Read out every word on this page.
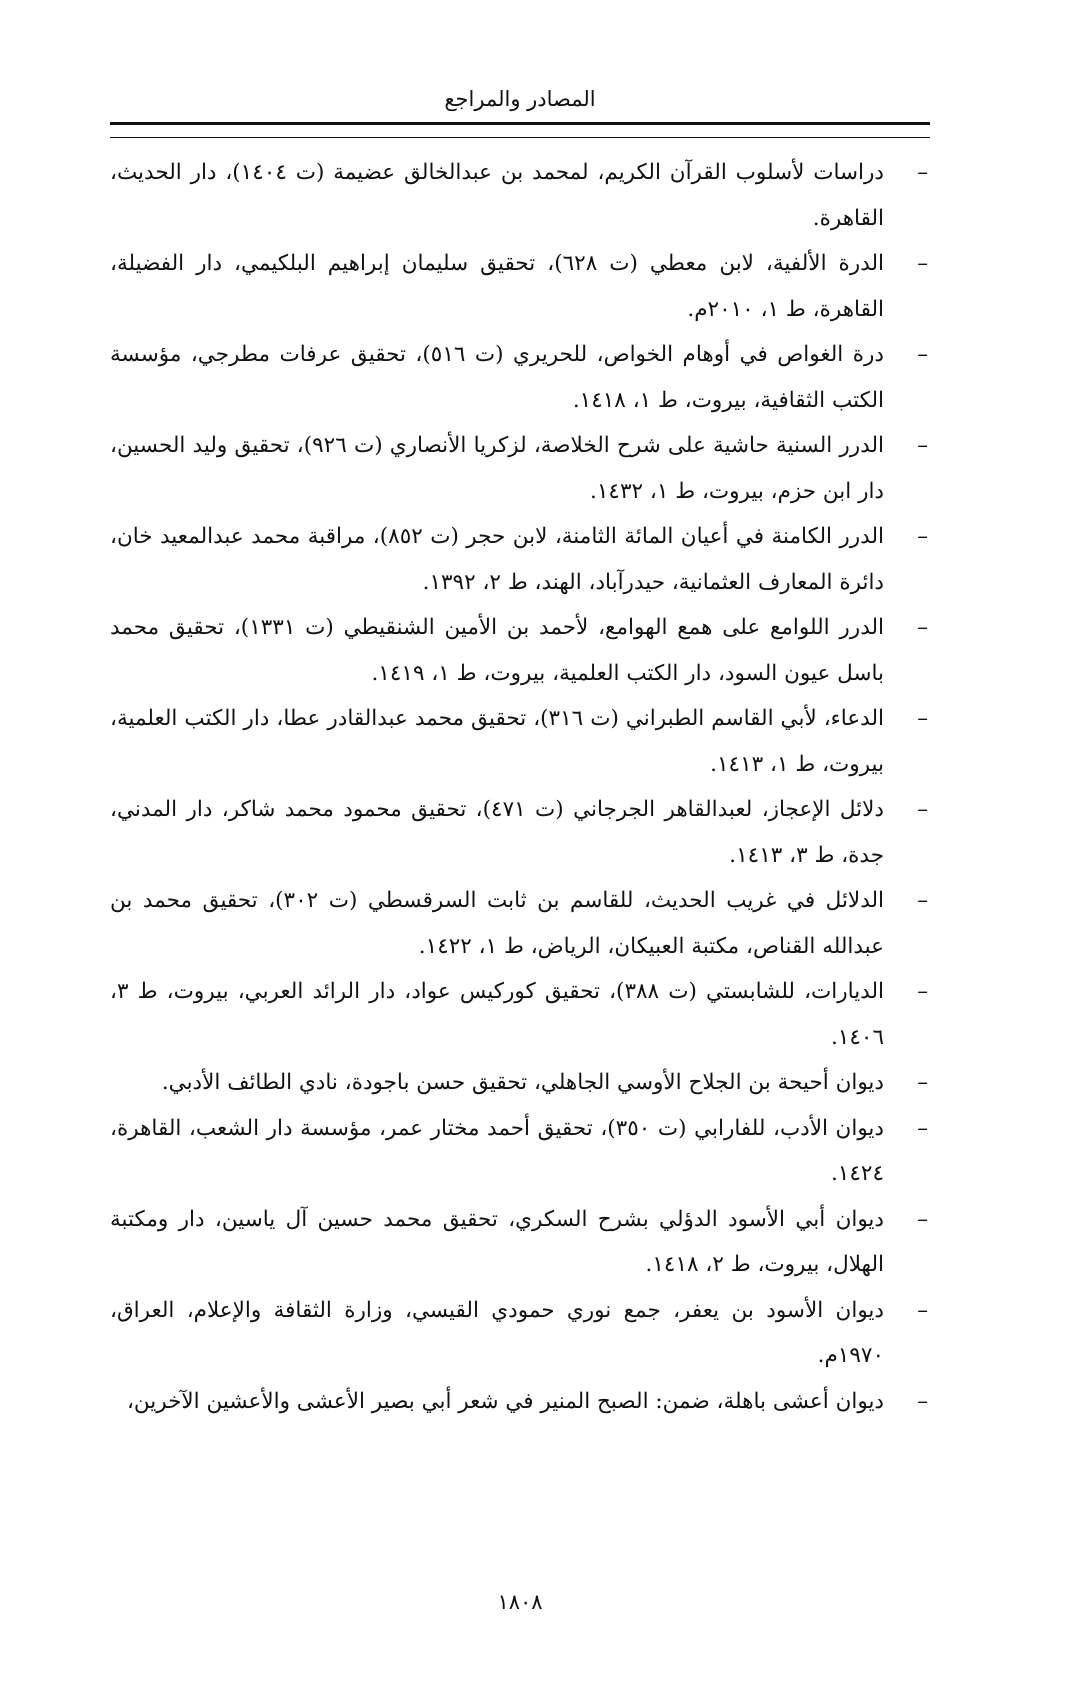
المصادر والمراجع
–
دراسات لأسلوب القرآن الكريم، لمحمد بن عبدالخالق عضيمة (ت ١٤٠٤)، دار الحديث، القاهرة.
–
الدرة الألفية، لابن معطي (ت ٦٢٨)، تحقيق سليمان إبراهيم البلكيمي، دار الفضيلة، القاهرة، ط ١، ٢٠١٠م.
–
درة الغواص في أوهام الخواص، للحريري (ت ٥١٦)، تحقيق عرفات مطرجي، مؤسسة الكتب الثقافية، بيروت، ط ١، ١٤١٨.
–
الدرر السنية حاشية على شرح الخلاصة، لزكريا الأنصاري (ت ٩٢٦)، تحقيق وليد الحسين، دار ابن حزم، بيروت، ط ١، ١٤٣٢.
–
الدرر الكامنة في أعيان المائة الثامنة، لابن حجر (ت ٨٥٢)، مراقبة محمد عبدالمعيد خان، دائرة المعارف العثمانية، حيدرآباد، الهند، ط ٢، ١٣٩٢.
–
الدرر اللوامع على همع الهوامع، لأحمد بن الأمين الشنقيطي (ت ١٣٣١)، تحقيق محمد باسل عيون السود، دار الكتب العلمية، بيروت، ط ١، ١٤١٩.
–
الدعاء، لأبي القاسم الطبراني (ت ٣١٦)، تحقيق محمد عبدالقادر عطا، دار الكتب العلمية، بيروت، ط ١، ١٤١٣.
–
دلائل الإعجاز، لعبدالقاهر الجرجاني (ت ٤٧١)، تحقيق محمود محمد شاكر، دار المدني، جدة، ط ٣، ١٤١٣.
–
الدلائل في غريب الحديث، للقاسم بن ثابت السرقسطي (ت ٣٠٢)، تحقيق محمد بن عبدالله القناص، مكتبة العبيكان، الرياض، ط ١، ١٤٢٢.
–
الديارات، للشابستي (ت ٣٨٨)، تحقيق كوركيس عواد، دار الرائد العربي، بيروت، ط ٣، ١٤٠٦.
–
ديوان أحيحة بن الجلاح الأوسي الجاهلي، تحقيق حسن باجودة، نادي الطائف الأدبي.
–
ديوان الأدب، للفارابي (ت ٣٥٠)، تحقيق أحمد مختار عمر، مؤسسة دار الشعب، القاهرة، ١٤٢٤.
–
ديوان أبي الأسود الدؤلي بشرح السكري، تحقيق محمد حسين آل ياسين، دار ومكتبة الهلال، بيروت، ط ٢، ١٤١٨.
–
ديوان الأسود بن يعفر، جمع نوري حمودي القيسي، وزارة الثقافة والإعلام، العراق، ١٩٧٠م.
–
ديوان أعشى باهلة، ضمن: الصبح المنير في شعر أبي بصير الأعشى والأعشين الآخرين،
١٨٠٨
